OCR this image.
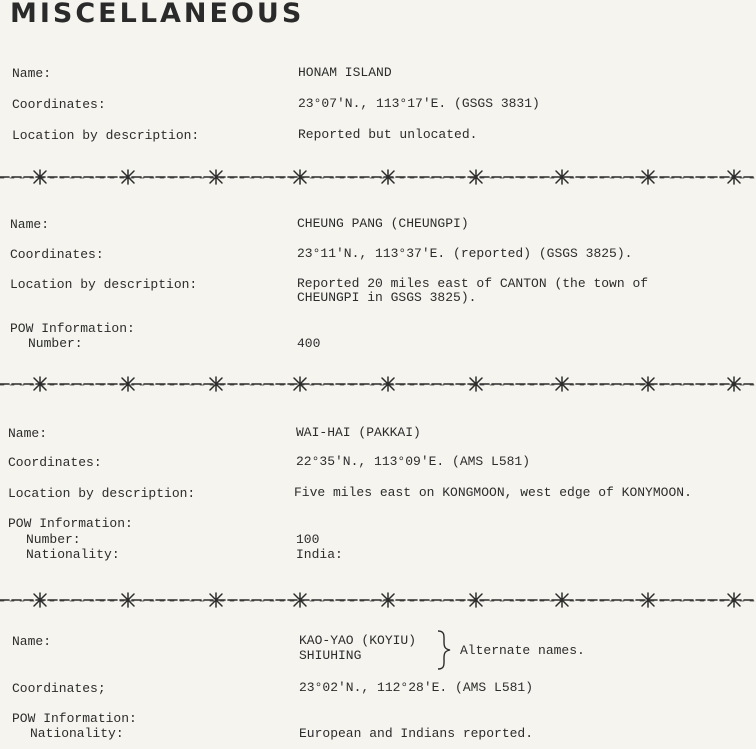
MISCELLANEOUS
Name:	HONAM ISLAND
Coordinates:	23°07'N., 113°17'E. (GSGS 3831)
Location by description:	Reported but unlocated.
Name:	CHEUNG PANG (CHEUNGPI)
Coordinates:	23°11'N., 113°37'E. (reported) (GSGS 3825).
Location by description:	Reported 20 miles east of CANTON (the town of
CHEUNGPI in GSGS 3825).
POW Information:
Number:	400
Name:	WAI-HAI (PAKKAI)
Coordinates:	22°35'N., 113°09'E. (AMS L581)
Location by description:	Five miles east on KONGMOON, west edge of KONYMOON.
POW Information:
Number:	100
Nationality:	India:
Name:	KAO-YAO (KOYIU)
SHIUHING	Alternate names.
Coordinates;	23°02'N., 112°28'E. (AMS L581)
POW Information:
Nationality:	European and Indians reported.
